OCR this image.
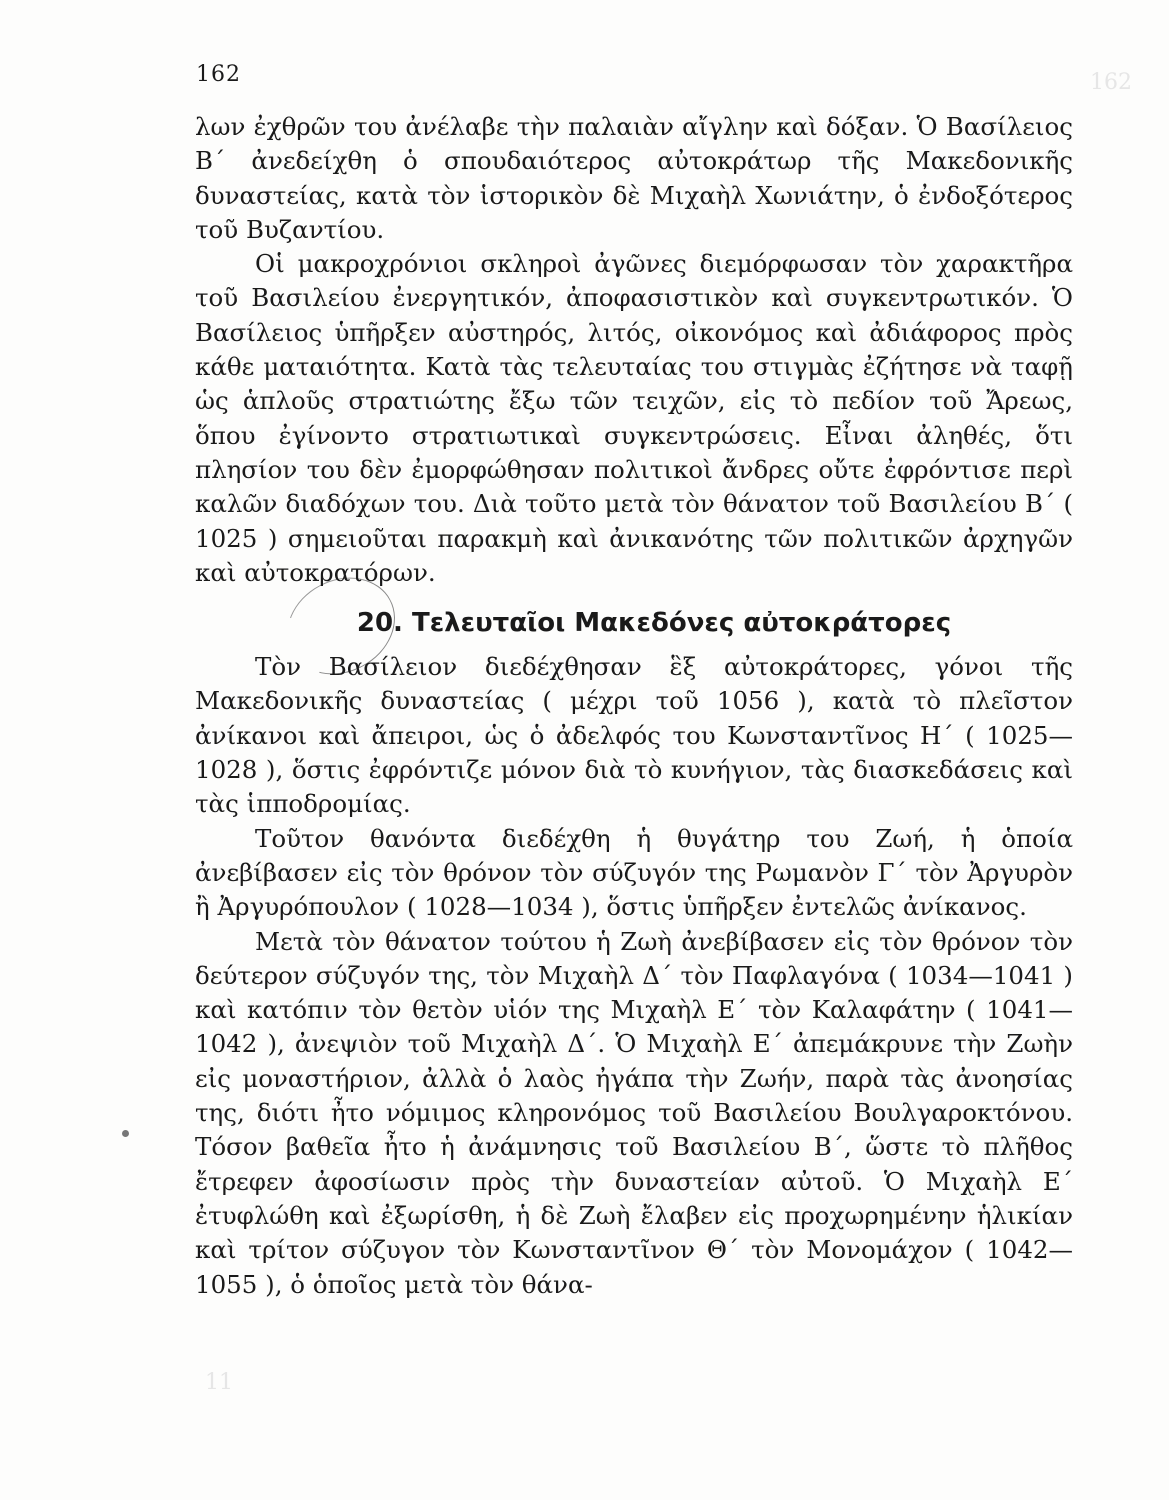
162
11
162

λων ἐχθρῶν του ἀνέλαβε τὴν παλαιὰν αἴγλην καὶ δόξαν. Ὁ Βασίλειος Β΄ ἀνεδείχθη ὁ σπουδαιότερος αὐτοκράτωρ τῆς Μακεδονικῆς δυναστείας, κατὰ τὸν ἱστορικὸν δὲ Μιχαὴλ Χωνιάτην, ὁ ἐνδοξότερος τοῦ Βυζαντίου.

Οἱ μακροχρόνιοι σκληροὶ ἀγῶνες διεμόρφωσαν τὸν χαρακτῆρα τοῦ Βασιλείου ἐνεργητικόν, ἀποφασιστικὸν καὶ συγκεντρωτικόν. Ὁ Βασίλειος ὑπῆρξεν αὐστηρός, λιτός, οἰκονόμος καὶ ἀδιάφορος πρὸς κάθε ματαιότητα. Κατὰ τὰς τελευταίας του στιγμὰς ἐζήτησε νὰ ταφῇ ὡς ἁπλοῦς στρατιώτης ἔξω τῶν τειχῶν, εἰς τὸ πεδίον τοῦ Ἄρεως, ὅπου ἐγίνοντο στρατιωτικαὶ συγκεντρώσεις. Εἶναι ἀληθές, ὅτι πλησίον του δὲν ἐμορφώθησαν πολιτικοὶ ἄνδρες οὔτε ἐφρόντισε περὶ καλῶν διαδόχων του. Διὰ τοῦτο μετὰ τὸν θάνατον τοῦ Βασιλείου Β΄ ( 1025 ) σημειοῦται παρακμὴ καὶ ἀνικανότης τῶν πολιτικῶν ἀρχηγῶν καὶ αὐτοκρατόρων.

20. Τελευταῖοι Μακεδόνες αὐτοκράτορες

Τὸν Βασίλειον διεδέχθησαν ἓξ αὐτοκράτορες, γόνοι τῆς Μακεδονικῆς δυναστείας ( μέχρι τοῦ 1056 ), κατὰ τὸ πλεῖστον ἀνίκανοι καὶ ἄπειροι, ὡς ὁ ἀδελφός του Κωνσταντῖνος Η΄ ( 1025—1028 ), ὅστις ἐφρόντιζε μόνον διὰ τὸ κυνήγιον, τὰς διασκεδάσεις καὶ τὰς ἱπποδρομίας.

Τοῦτον θανόντα διεδέχθη ἡ θυγάτηρ του Ζωή, ἡ ὁποία ἀνεβίβασεν εἰς τὸν θρόνον τὸν σύζυγόν της Ρωμανὸν Γ΄ τὸν Ἀργυρὸν ἢ Ἀργυρόπουλον ( 1028—1034 ), ὅστις ὑπῆρξεν ἐντελῶς ἀνίκανος.

Μετὰ τὸν θάνατον τούτου ἡ Ζωὴ ἀνεβίβασεν εἰς τὸν θρόνον τὸν δεύτερον σύζυγόν της, τὸν Μιχαὴλ Δ΄ τὸν Παφλαγόνα ( 1034—1041 ) καὶ κατόπιν τὸν θετὸν υἱόν της Μιχαὴλ Ε΄ τὸν Καλαφάτην ( 1041—1042 ), ἀνεψιὸν τοῦ Μιχαὴλ Δ΄. Ὁ Μιχαὴλ Ε΄ ἀπεμάκρυνε τὴν Ζωὴν εἰς μοναστήριον, ἀλλὰ ὁ λαὸς ἠγάπα τὴν Ζωήν, παρὰ τὰς ἀνοησίας της, διότι ἦτο νόμιμος κληρονόμος τοῦ Βασιλείου Βουλγαροκτόνου. Τόσον βαθεῖα ἦτο ἡ ἀνάμνησις τοῦ Βασιλείου Β΄, ὥστε τὸ πλῆθος ἔτρεφεν ἀφοσίωσιν πρὸς τὴν δυναστείαν αὐτοῦ. Ὁ Μιχαὴλ Ε΄ ἐτυφλώθη καὶ ἐξωρίσθη, ἡ δὲ Ζωὴ ἔλαβεν εἰς προχωρημένην ἡλικίαν καὶ τρίτον σύζυγον τὸν Κωνσταντῖνον Θ΄ τὸν Μονομάχον ( 1042—1055 ), ὁ ὁποῖος μετὰ τὸν θάνα-
